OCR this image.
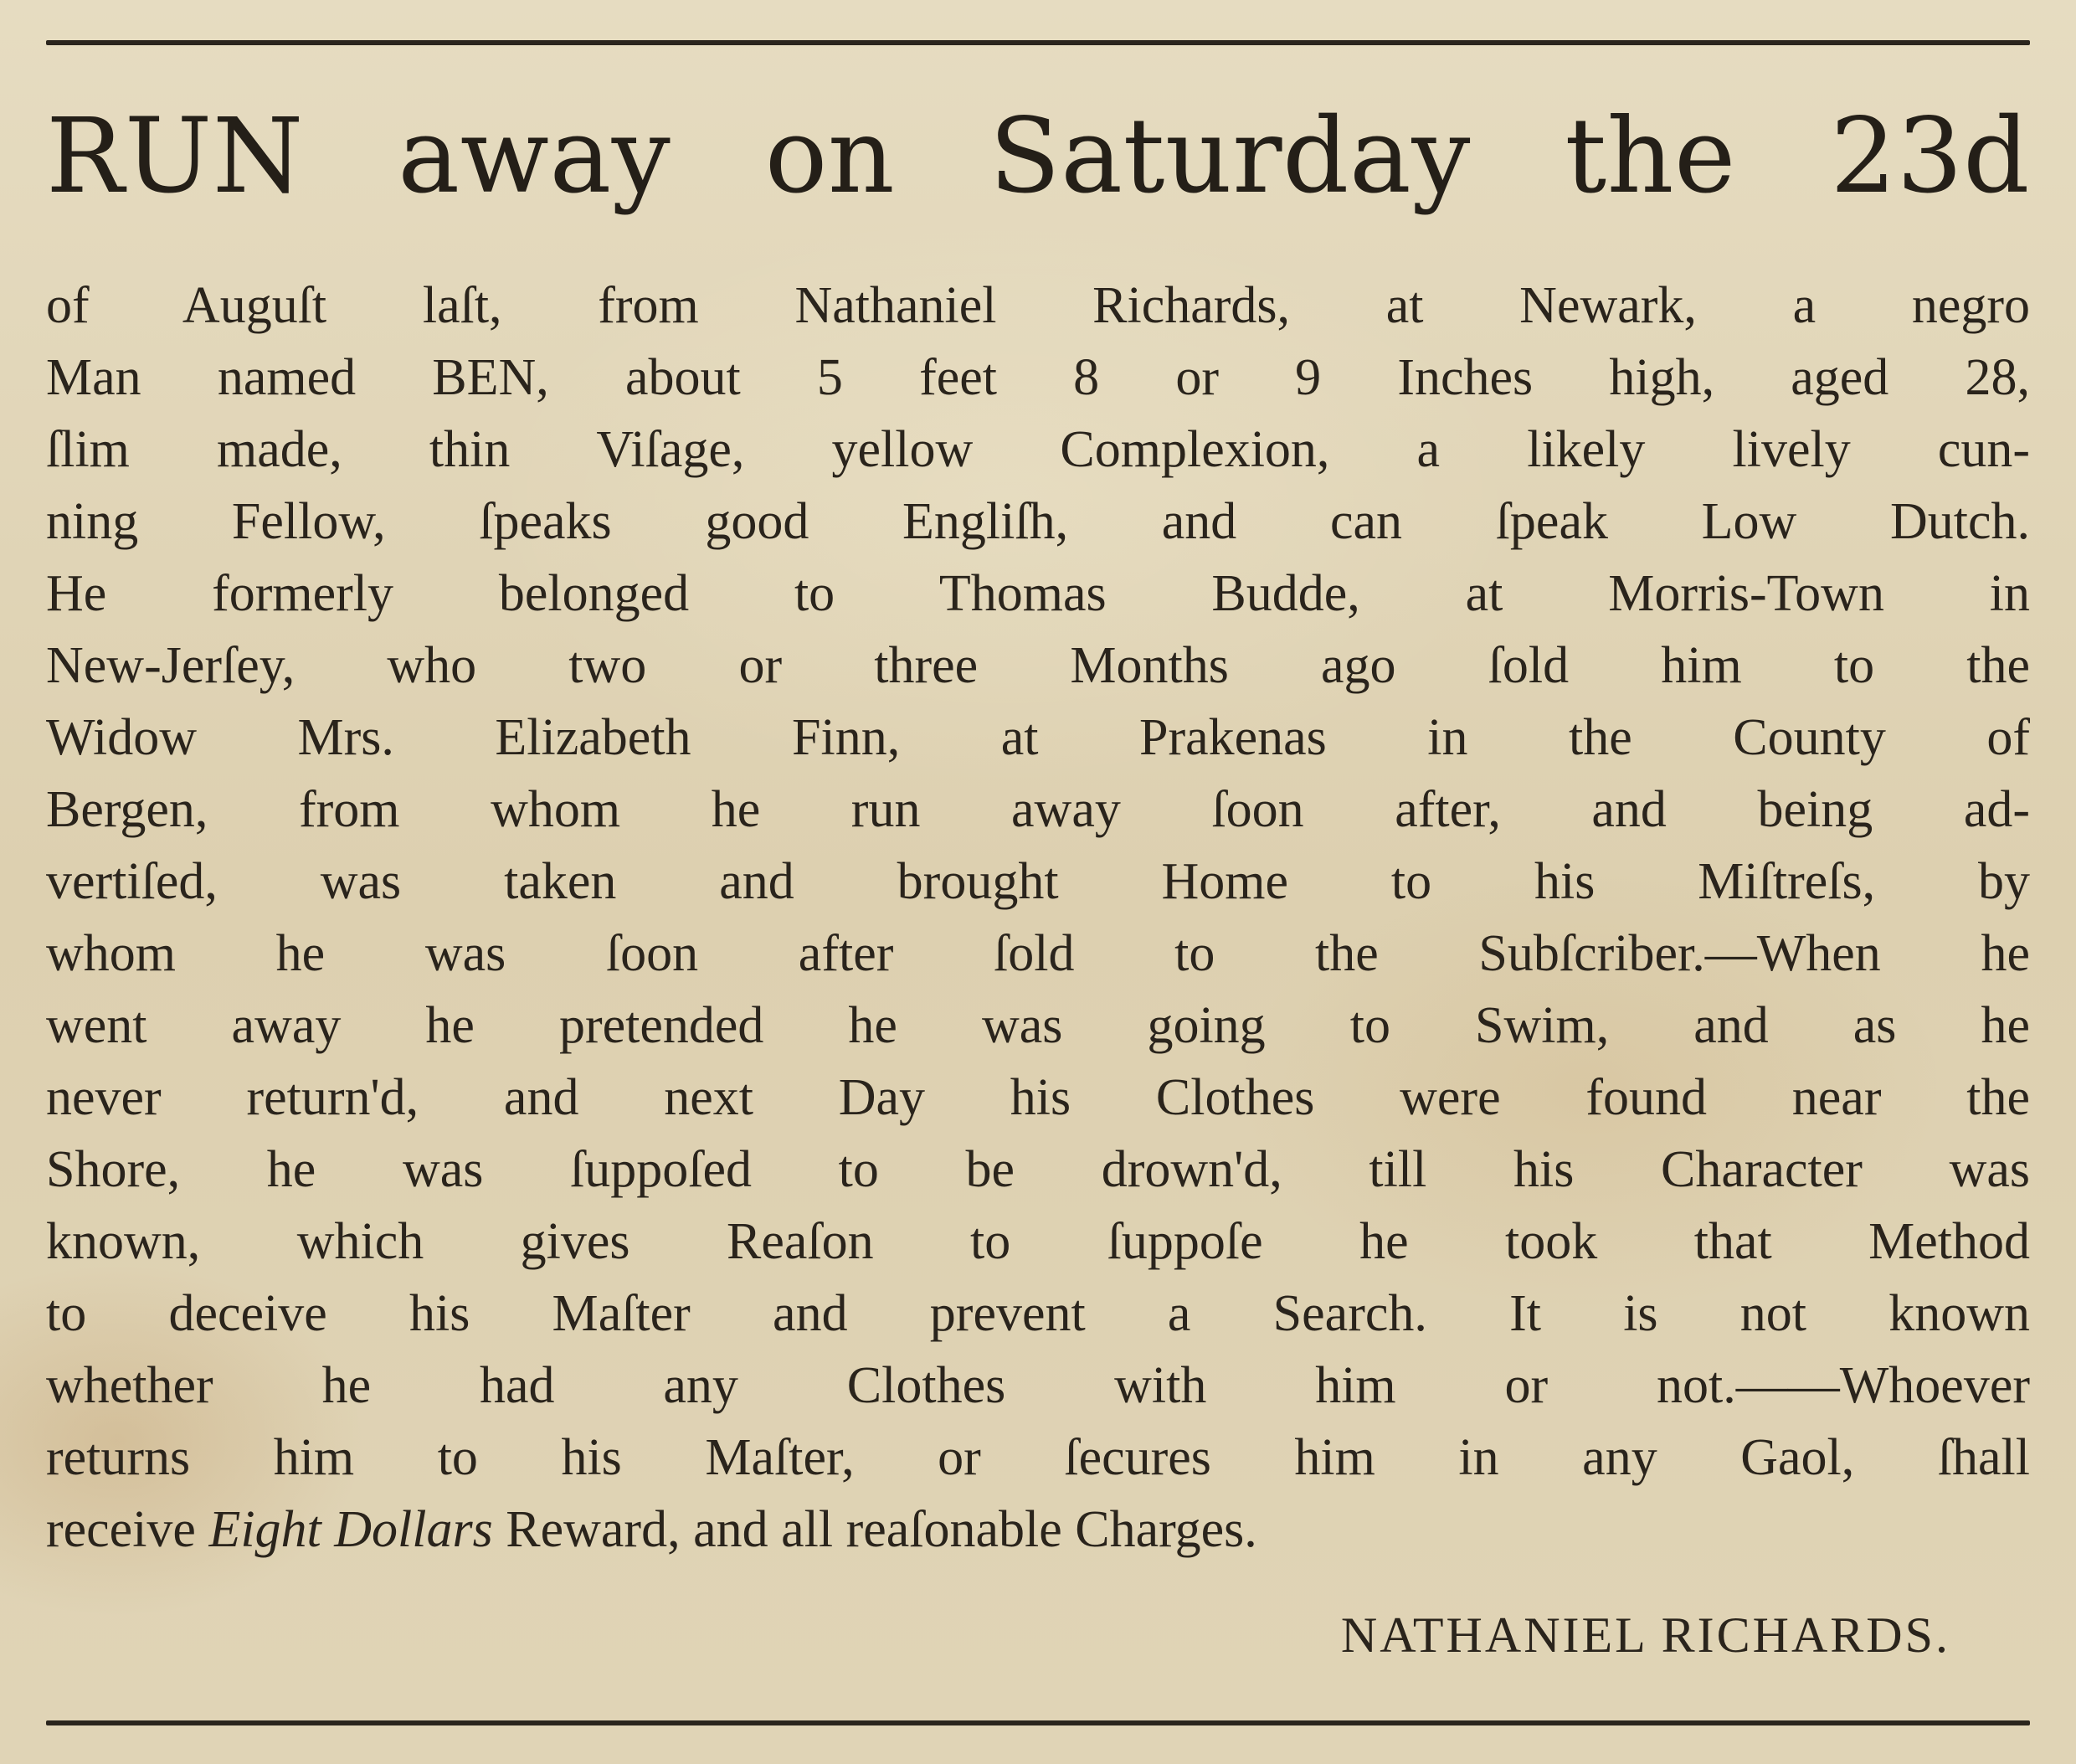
RUN away on Saturday the 23d
of Auguſt laſt, from Nathaniel Richards, at Newark, a negro
Man named BEN, about 5 feet 8 or 9 Inches high, aged 28,
ſlim made, thin Viſage, yellow Complexion, a likely lively cun-
ning Fellow, ſpeaks good Engliſh, and can ſpeak Low Dutch.
He formerly belonged to Thomas Budde, at Morris-Town in
New-Jerſey, who two or three Months ago ſold him to the
Widow Mrs. Elizabeth Finn, at Prakenas in the County of
Bergen, from whom he run away ſoon after, and being ad-
vertiſed, was taken and brought Home to his Miſtreſs, by
whom he was ſoon after ſold to the Subſcriber.—When he
went away he pretended he was going to Swim, and as he
never return'd, and next Day his Clothes were found near the
Shore, he was ſuppoſed to be drown'd, till his Character was
known, which gives Reaſon to ſuppoſe he took that Method
to deceive his Maſter and prevent a Search. It is not known
whether he had any Clothes with him or not.——Whoever
returns him to his Maſter, or ſecures him in any Gaol, ſhall
receive Eight Dollars Reward, and all reaſonable Charges.
NATHANIEL RICHARDS.
